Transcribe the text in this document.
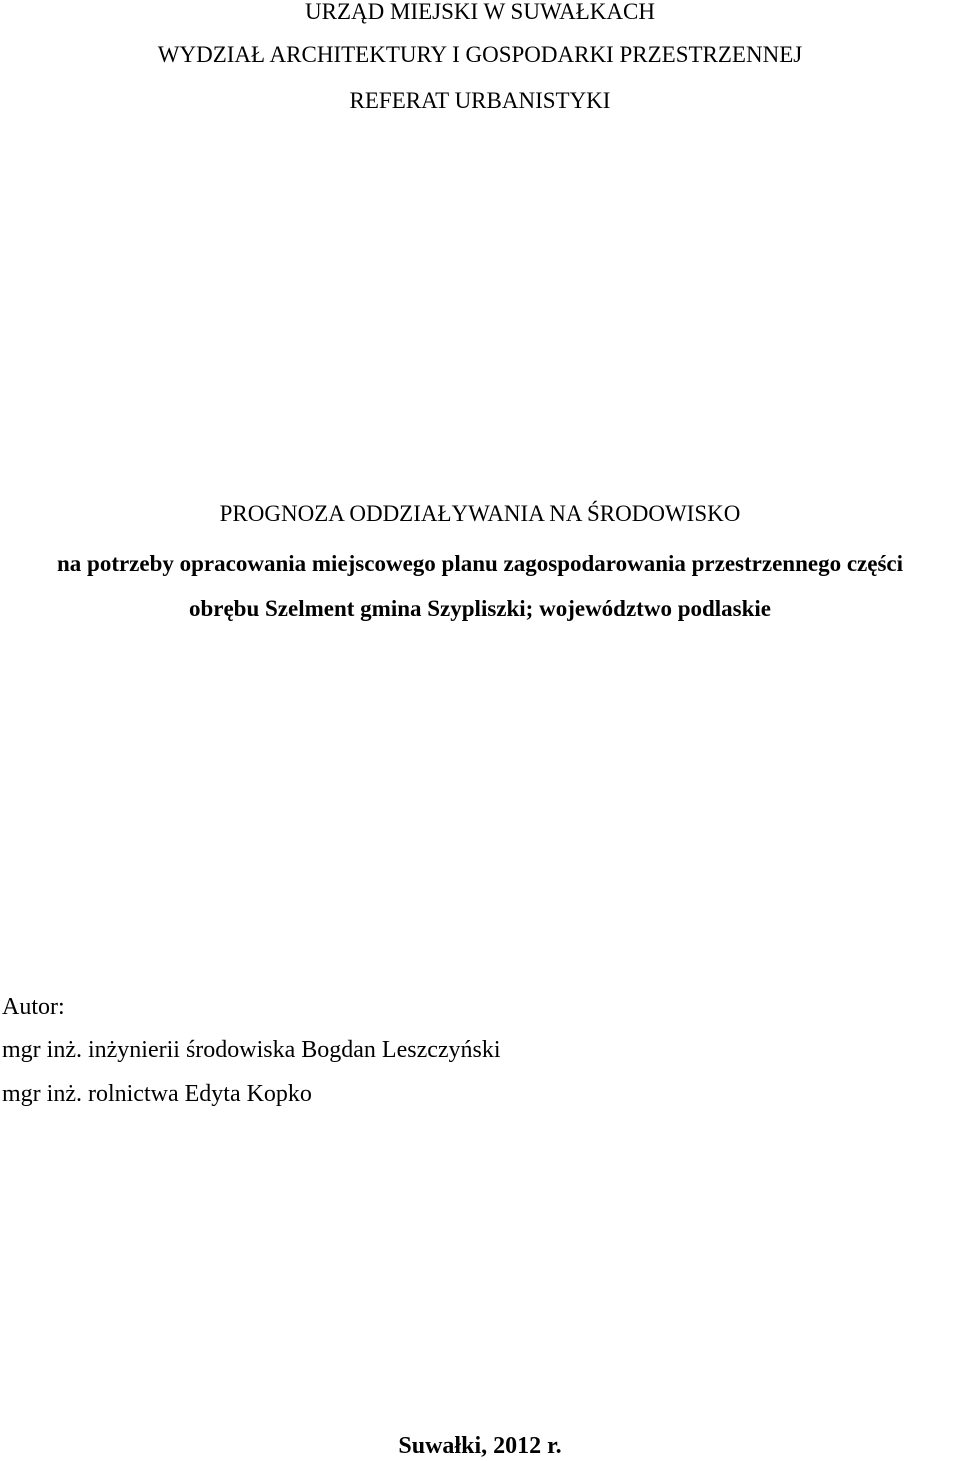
URZĄD MIEJSKI W SUWAŁKACH
WYDZIAŁ ARCHITEKTURY I GOSPODARKI PRZESTRZENNEJ
REFERAT URBANISTYKI
PROGNOZA ODDZIAŁYWANIA NA ŚRODOWISKO
na potrzeby opracowania miejscowego planu zagospodarowania przestrzennego części
obrębu Szelment gmina Szypliszki; województwo podlaskie
Autor:
mgr inż. inżynierii środowiska Bogdan Leszczyński
mgr inż. rolnictwa Edyta Kopko
Suwałki, 2012 r.
